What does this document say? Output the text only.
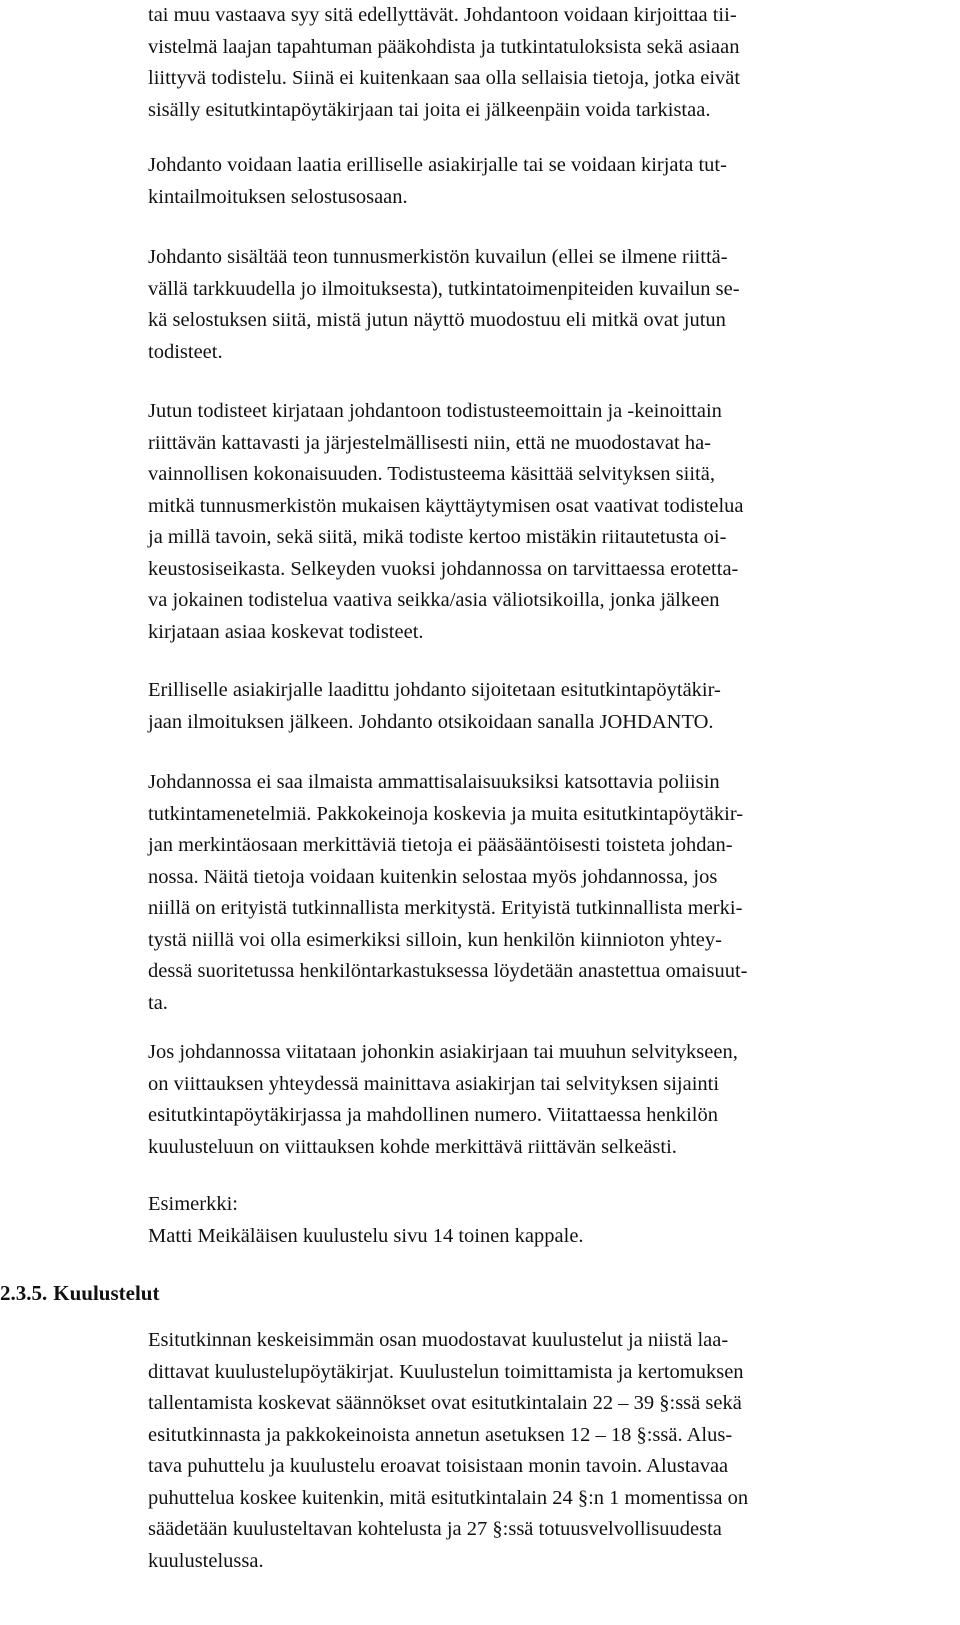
2.3.5. Kuulustelut

tai muu vastaava syy sitä edellyttävät. Johdantoon voidaan kirjoittaa tii-
vistelmä laajan tapahtuman pääkohdista ja tutkintatuloksista sekä asiaan
liittyvä todistelu. Siinä ei kuitenkaan saa olla sellaisia tietoja, jotka eivät
sisälly esitutkintapöytäkirjaan tai joita ei jälkeenpäin voida tarkistaa.

Johdanto voidaan laatia erilliselle asiakirjalle tai se voidaan kirjata tut-
kintailmoituksen selostusosaan.

Johdanto sisältää teon tunnusmerkistön kuvailun (ellei se ilmene riittä-
vällä tarkkuudella jo ilmoituksesta), tutkintatoimenpiteiden kuvailun se-
kä selostuksen siitä, mistä jutun näyttö muodostuu eli mitkä ovat jutun
todisteet.

Jutun todisteet kirjataan johdantoon todistusteemoittain ja -keinoittain
riittävän kattavasti ja järjestelmällisesti niin, että ne muodostavat ha-
vainnollisen kokonaisuuden. Todistusteema käsittää selvityksen siitä,
mitkä tunnusmerkistön mukaisen käyttäytymisen osat vaativat todistelua
ja millä tavoin, sekä siitä, mikä todiste kertoo mistäkin riitautetusta oi-
keustosiseikasta. Selkeyden vuoksi johdannossa on tarvittaessa erotetta-
va jokainen todistelua vaativa seikka/asia väliotsikoilla, jonka jälkeen
kirjataan asiaa koskevat todisteet.

Erilliselle asiakirjalle laadittu johdanto sijoitetaan esitutkintapöytäkir-
jaan ilmoituksen jälkeen. Johdanto otsikoidaan sanalla JOHDANTO.

Johdannossa ei saa ilmaista ammattisalaisuuksiksi katsottavia poliisin
tutkintamenetelmiä. Pakkokeinoja koskevia ja muita esitutkintapöytäkir-
jan merkintäosaan merkittäviä tietoja ei pääsääntöisesti toisteta johdan-
nossa. Näitä tietoja voidaan kuitenkin selostaa myös johdannossa, jos
niillä on erityistä tutkinnallista merkitystä. Erityistä tutkinnallista merki-
tystä niillä voi olla esimerkiksi silloin, kun henkilön kiinnioton yhtey-
dessä suoritetussa henkilöntarkastuksessa löydetään anastettua omaisuut-
ta.

Jos johdannossa viitataan johonkin asiakirjaan tai muuhun selvitykseen,
on viittauksen yhteydessä mainittava asiakirjan tai selvityksen sijainti
esitutkintapöytäkirjassa ja mahdollinen numero. Viitattaessa henkilön
kuulusteluun on viittauksen kohde merkittävä riittävän selkeästi.

Esimerkki:
Matti Meikäläisen kuulustelu sivu 14 toinen kappale.

Esitutkinnan keskeisimmän osan muodostavat kuulustelut ja niistä laa-
dittavat kuulustelupöytäkirjat. Kuulustelun toimittamista ja kertomuksen
tallentamista koskevat säännökset ovat esitutkintalain 22 – 39 §:ssä sekä
esitutkinnasta ja pakkokeinoista annetun asetuksen 12 – 18 §:ssä. Alus-
tava puhuttelu ja kuulustelu eroavat toisistaan monin tavoin. Alustavaa
puhuttelua koskee kuitenkin, mitä esitutkintalain 24 §:n 1 momentissa on
säädetään kuulusteltavan kohtelusta ja 27 §:ssä totuusvelvollisuudesta
kuulustelussa.
